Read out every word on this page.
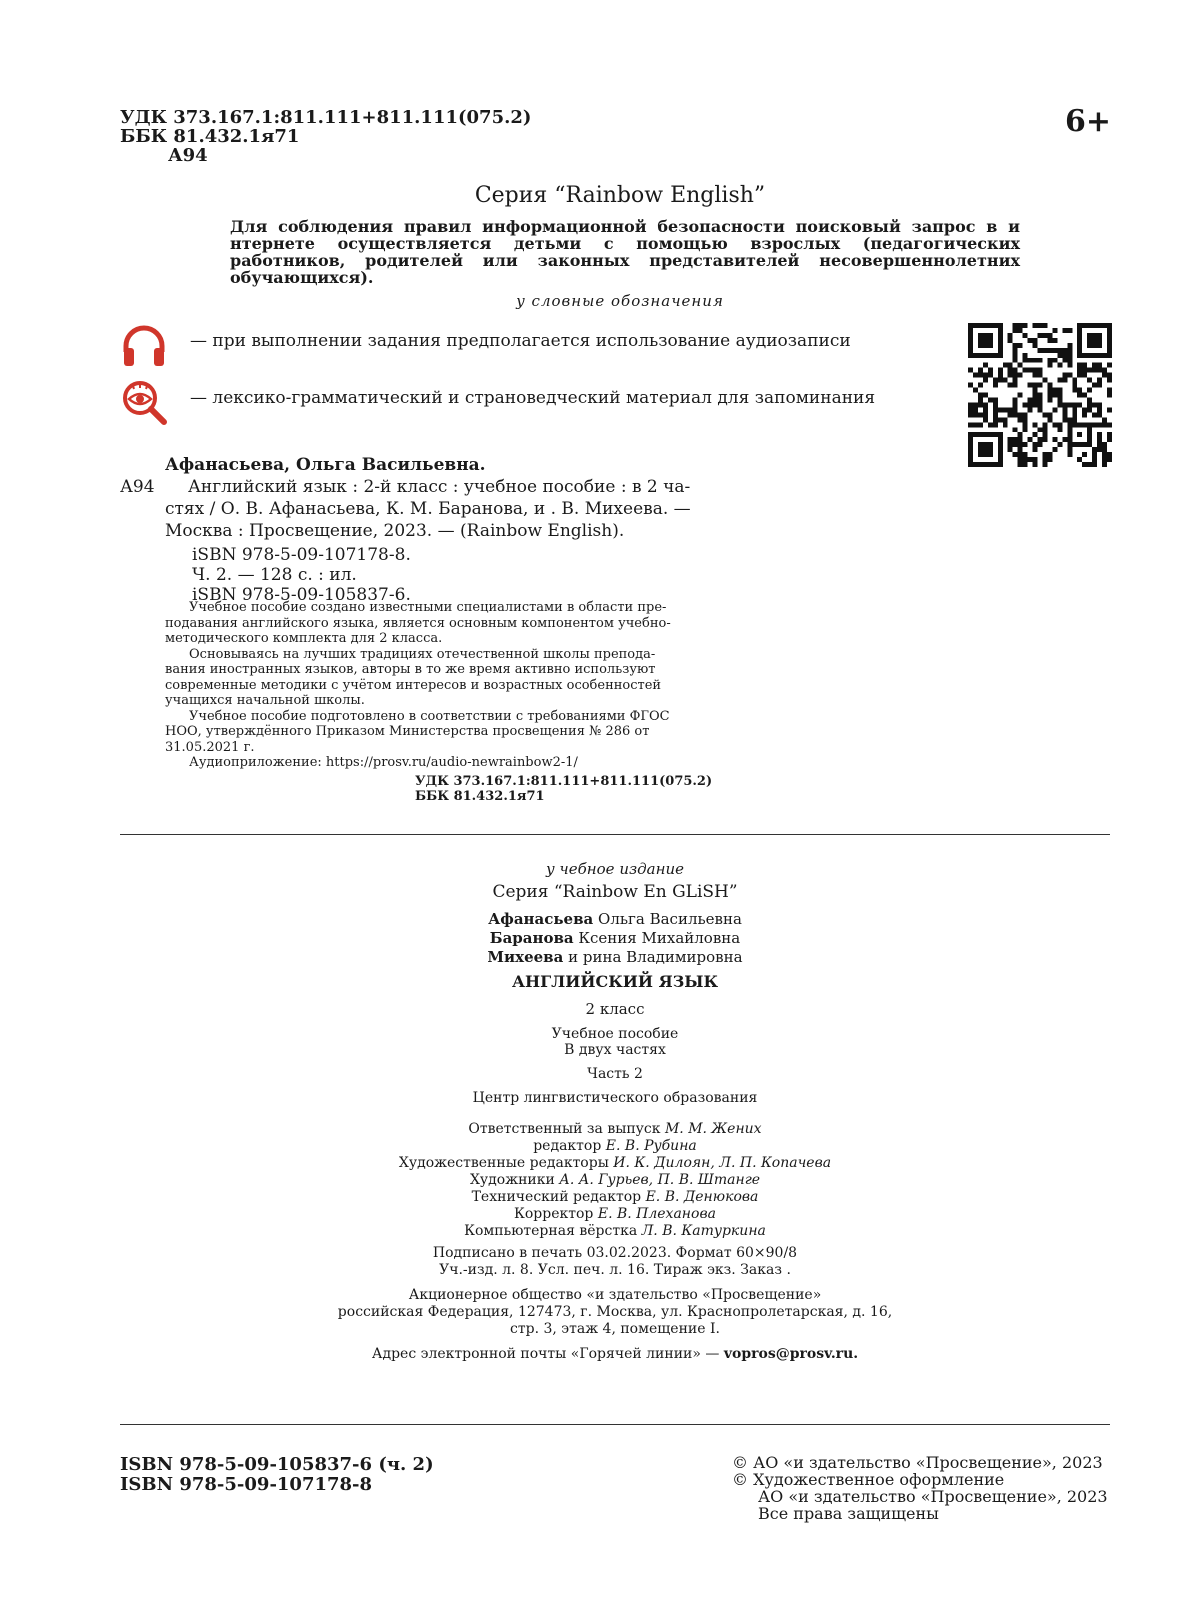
УДК 373.167.1:811.111+811.111(075.2)
ББК 81.432.1я71
А94
6+
Серия “Rainbow English”
Для соблюдения правил информационной безопасности поисковый запрос в и нтернете осуществляется детьми с помощью взрослых (педагогических работников, родителей или законных представителей несовершеннолетних обучающихся).
у словные обозначения
— при выполнении задания предполагается использование аудиозаписи
— лексико-грамматический и страноведческий материал для запоминания
Афанасьева, Ольга Васильевна.
А94 Английский язык : 2-й класс : учебное пособие : в 2 ча-
стях / О. В. Афанасьева, К. М. Баранова, и . В. Михеева. —
Москва : Просвещение, 2023. — (Rainbow English).
iSBN 978-5-09-107178-8.
Ч. 2. — 128 с. : ил.
iSBN 978-5-09-105837-6.
Учебное пособие создано известными специалистами в области пре-
подавания английского языка, является основным компонентом учебно-
методического комплекта для 2 класса.
Основываясь на лучших традициях отечественной школы препода-
вания иностранных языков, авторы в то же время активно используют
современные методики с учётом интересов и возрастных особенностей
учащихся начальной школы.
Учебное пособие подготовлено в соответствии с требованиями ФГОС
НОО, утверждённого Приказом Министерства просвещения № 286 от
31.05.2021 г.
Аудиоприложение: https://prosv.ru/audio-newrainbow2-1/
УДК 373.167.1:811.111+811.111(075.2)
ББК 81.432.1я71
у чебное издание
Серия “Rainbow En GLiSH”
Афанасьева Ольга Васильевна
Баранова Ксения Михайловна
Михеева и рина Владимировна
АНГЛИЙСКИЙ ЯЗЫК
2 класс
Учебное пособие
В двух частях
Часть 2
Центр лингвистического образования
Ответственный за выпуск М. М. Жених
редактор Е. В. Рубина
Художественные редакторы И. К. Дилоян, Л. П. Копачева
Художники А. А. Гурьев, П. В. Штанге
Технический редактор Е. В. Денюкова
Корректор Е. В. Плеханова
Компьютерная вёрстка Л. В. Катуркина
Подписано в печать 03.02.2023. Формат 60×90/8
Уч.-изд. л. 8. Усл. печ. л. 16. Тираж экз. Заказ .
Акционерное общество «и здательство «Просвещение»
российская Федерация, 127473, г. Москва, ул. Краснопролетарская, д. 16,
стр. 3, этаж 4, помещение I.
Адрес электронной почты «Горячей линии» — vopros@prosv.ru.
ISBN 978-5-09-105837-6 (ч. 2)
ISBN 978-5-09-107178-8
© АО «и здательство «Просвещение», 2023
© Художественное оформление
АО «и здательство «Просвещение», 2023
Все права защищены
